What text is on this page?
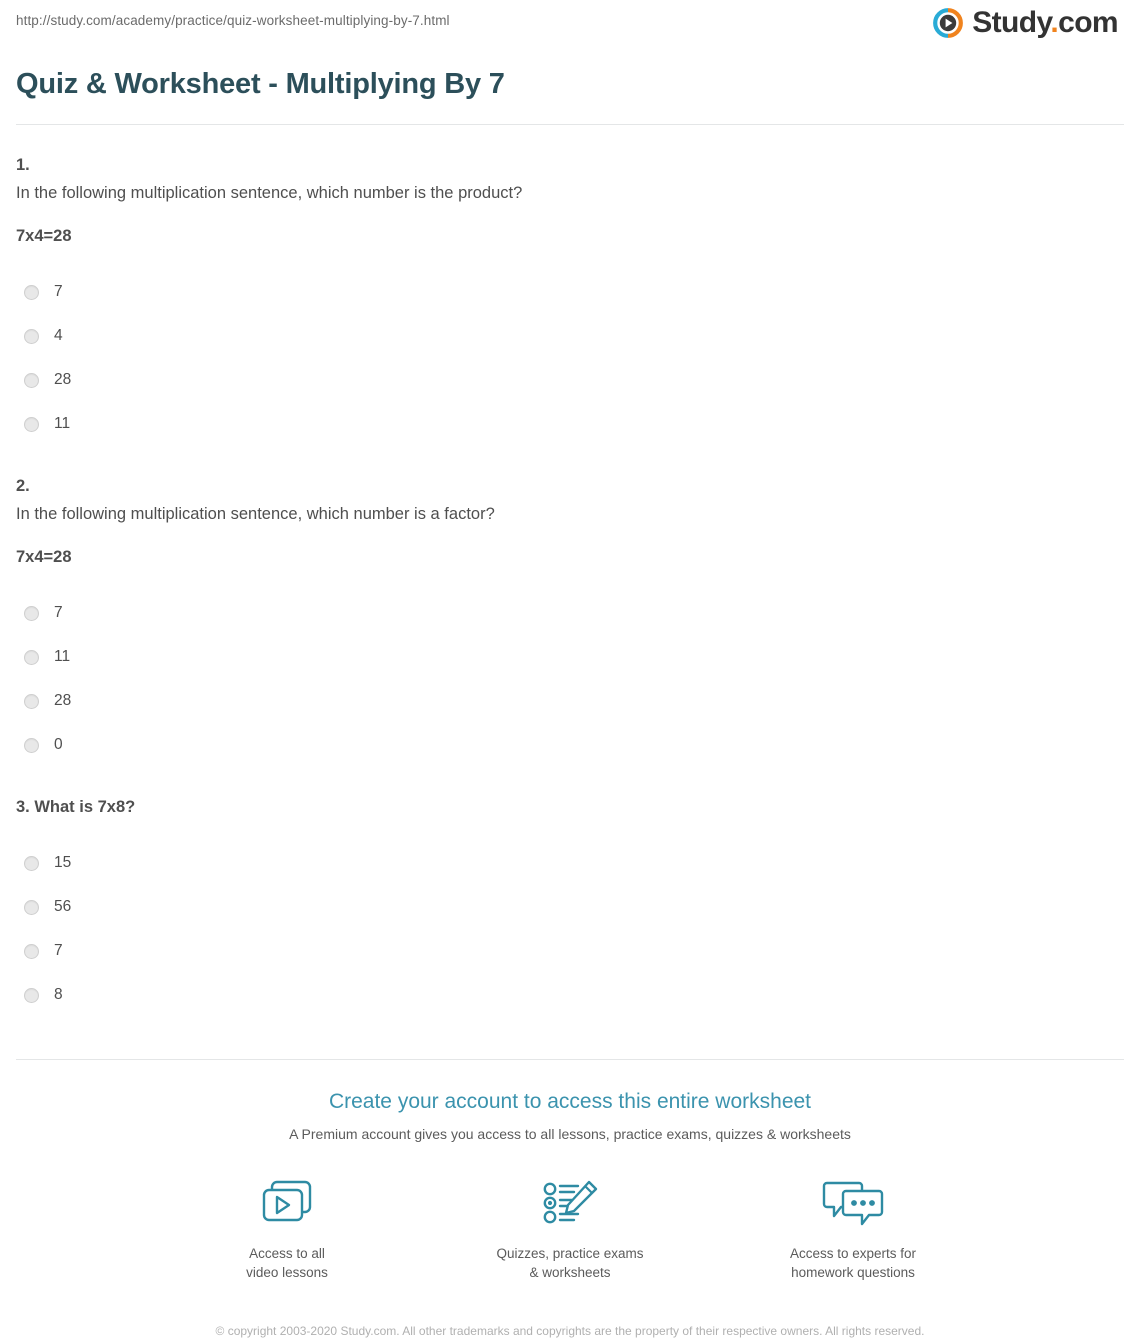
http://study.com/academy/practice/quiz-worksheet-multiplying-by-7.html	Study.com
Quiz & Worksheet - Multiplying By 7
1.
In the following multiplication sentence, which number is the product?
7x4=28
7
4
28
11
2.
In the following multiplication sentence, which number is a factor?
7x4=28
7
11
28
0
3. What is 7x8?
15
56
7
8
Create your account to access this entire worksheet
A Premium account gives you access to all lessons, practice exams, quizzes & worksheets
Access to all
video lessons
Quizzes, practice exams
& worksheets
Access to experts for
homework questions
© copyright 2003-2020 Study.com. All other trademarks and copyrights are the property of their respective owners. All rights reserved.
